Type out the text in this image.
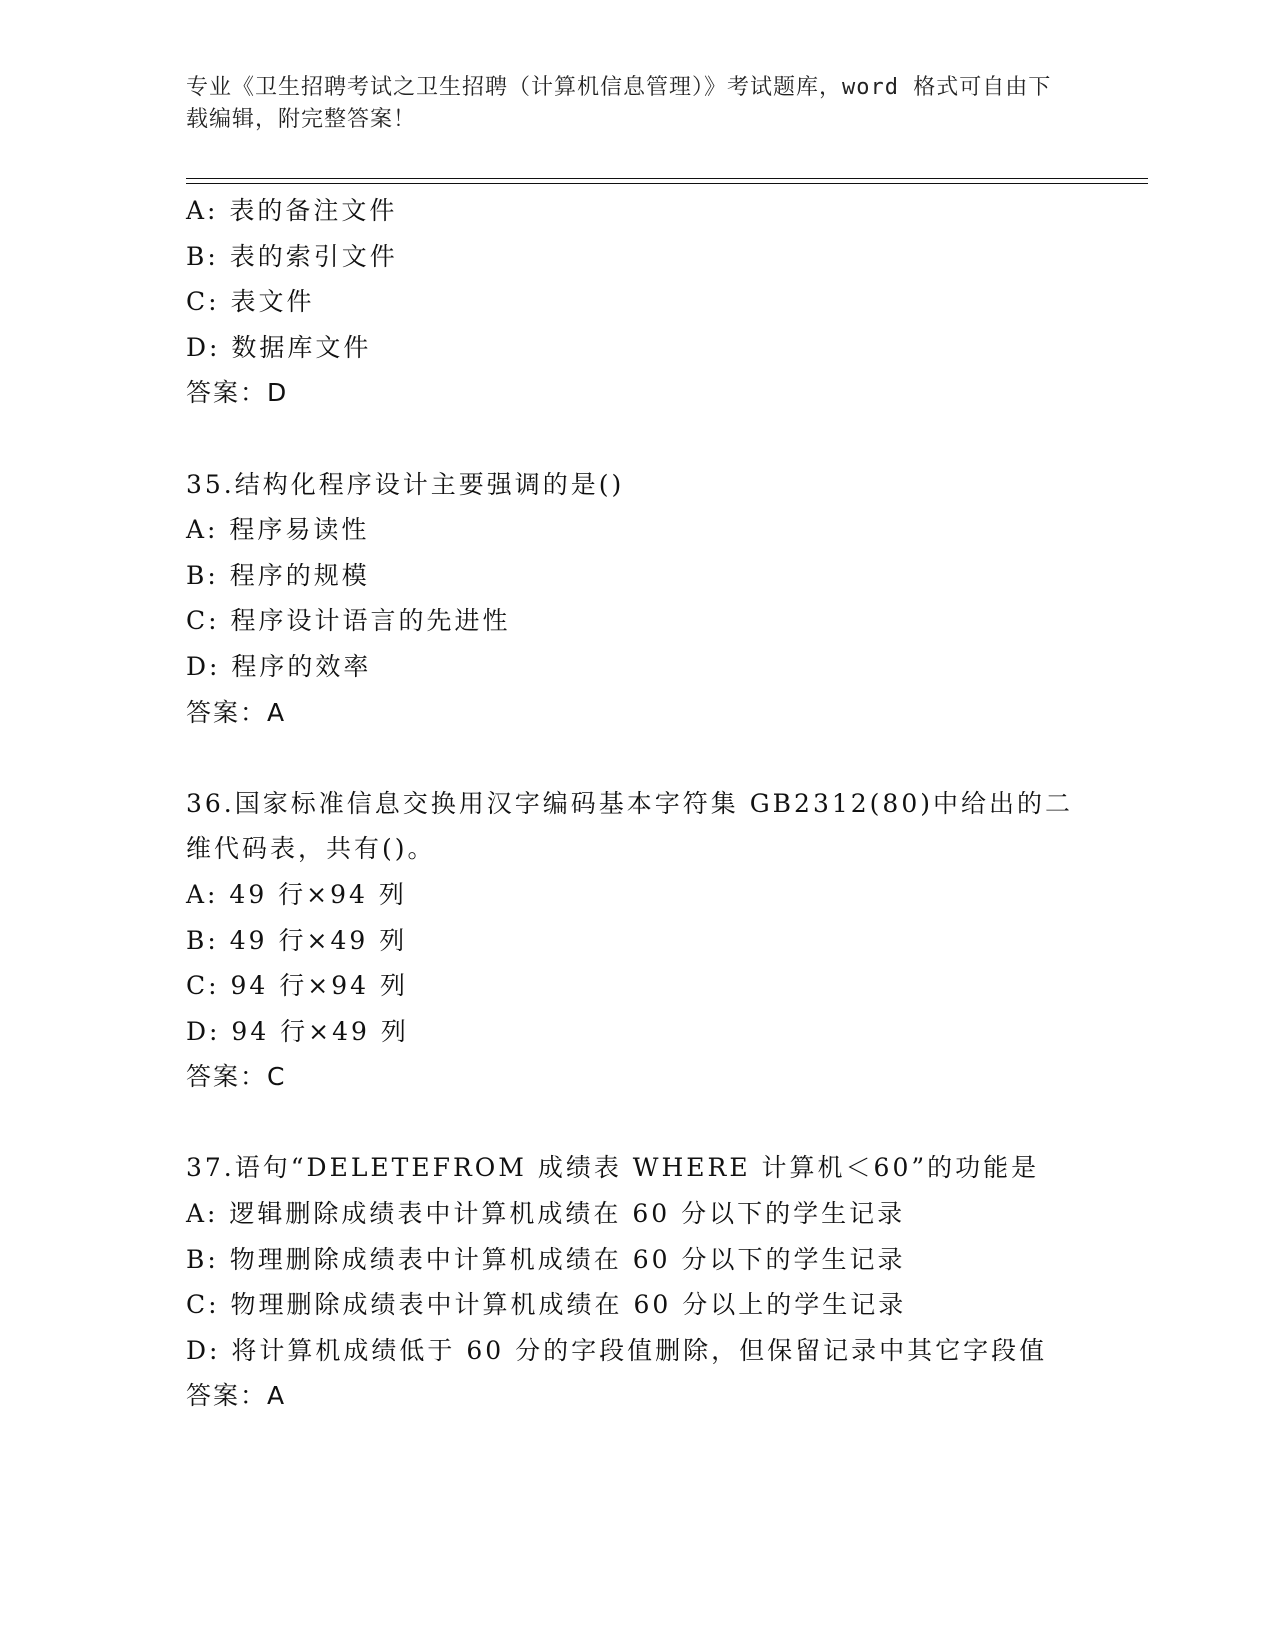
专业《卫生招聘考试之卫生招聘（计算机信息管理）》考试题库，word 格式可自由下载编辑，附完整答案！
A: 表的备注文件
B: 表的索引文件
C: 表文件
D: 数据库文件
答案：D
35.结构化程序设计主要强调的是()
A: 程序易读性
B: 程序的规模
C: 程序设计语言的先进性
D: 程序的效率
答案：A
36.国家标准信息交换用汉字编码基本字符集 GB2312(80)中给出的二维代码表，共有()。
A: 49 行×94 列
B: 49 行×49 列
C: 94 行×94 列
D: 94 行×49 列
答案：C
37.语句“DELETEFROM 成绩表 WHERE 计算机＜60”的功能是
A: 逻辑删除成绩表中计算机成绩在 60 分以下的学生记录
B: 物理删除成绩表中计算机成绩在 60 分以下的学生记录
C: 物理删除成绩表中计算机成绩在 60 分以上的学生记录
D: 将计算机成绩低于 60 分的字段值删除，但保留记录中其它字段值
答案：A
